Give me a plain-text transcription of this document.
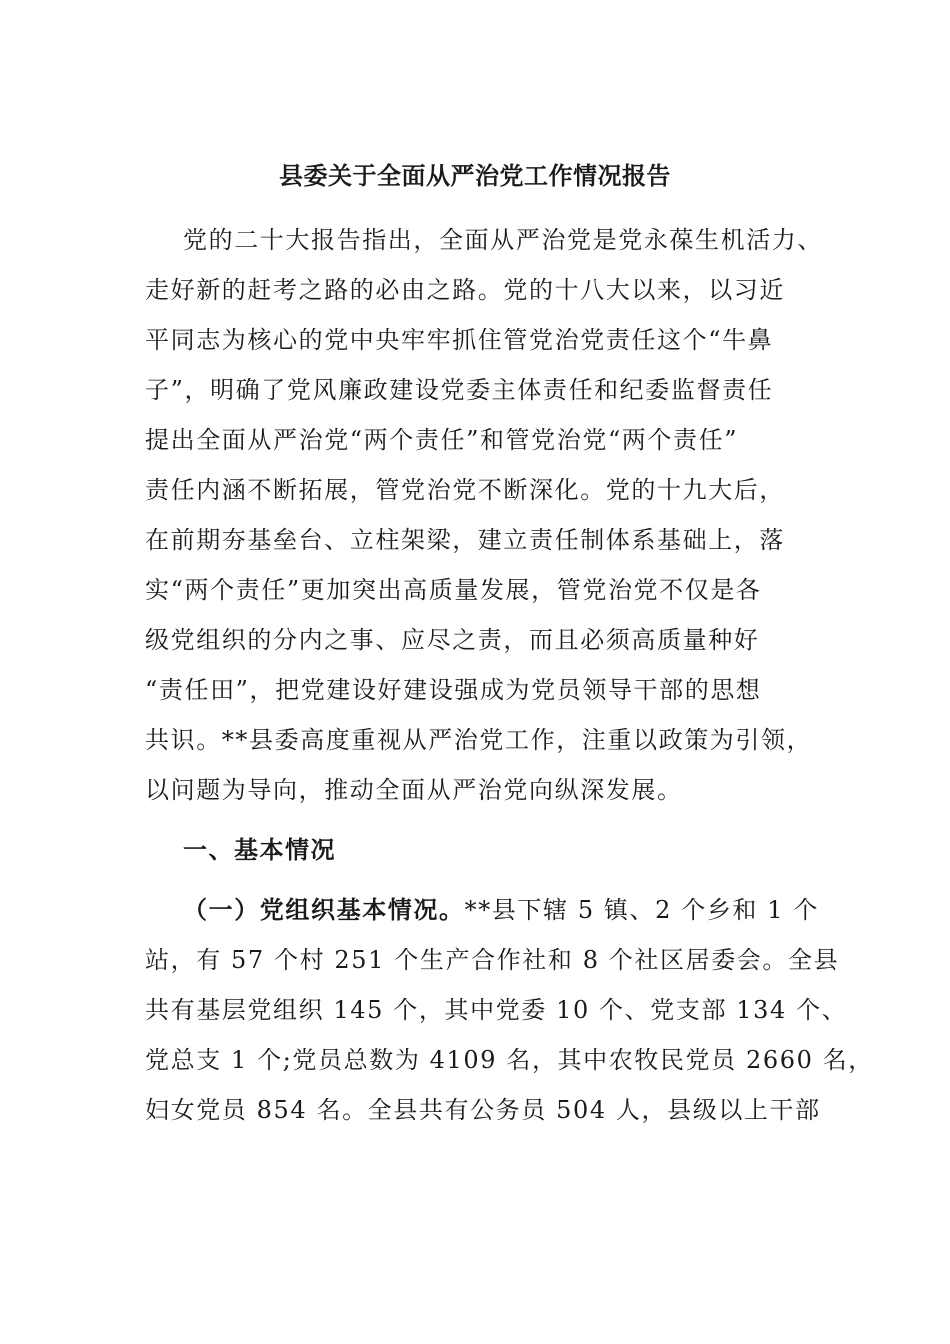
县委关于全面从严治党工作情况报告
党的二十大报告指出，全面从严治党是党永葆生机活力、
走好新的赶考之路的必由之路。党的十八大以来，以习近
平同志为核心的党中央牢牢抓住管党治党责任这个“牛鼻
子”，明确了党风廉政建设党委主体责任和纪委监督责任
提出全面从严治党“两个责任”和管党治党“两个责任”
责任内涵不断拓展，管党治党不断深化。党的十九大后，
在前期夯基垒台、立柱架梁，建立责任制体系基础上，落
实“两个责任”更加突出高质量发展，管党治党不仅是各
级党组织的分内之事、应尽之责，而且必须高质量种好
“责任田”，把党建设好建设强成为党员领导干部的思想
共识。**县委高度重视从严治党工作，注重以政策为引领，
以问题为导向，推动全面从严治党向纵深发展。
一、基本情况
（一）党组织基本情况。**县下辖 5 镇、2 个乡和 1 个
站，有 57 个村 251 个生产合作社和 8 个社区居委会。全县
共有基层党组织 145 个，其中党委 10 个、党支部 134 个、
党总支 1 个;党员总数为 4109 名，其中农牧民党员 2660 名，
妇女党员 854 名。全县共有公务员 504 人，县级以上干部
